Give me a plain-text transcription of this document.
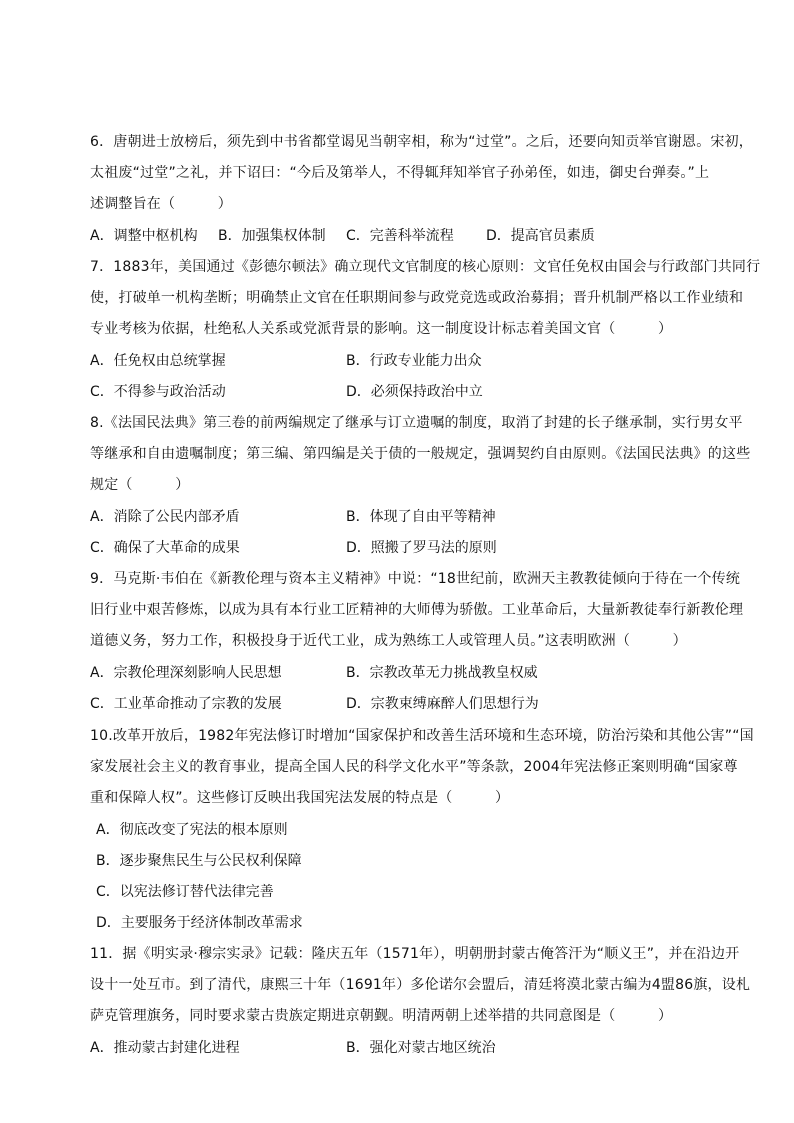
6．唐朝进士放榜后，须先到中书省都堂谒见当朝宰相，称为“过堂”。之后，还要向知贡举官谢恩。宋初，
太祖废“过堂”之礼，并下诏曰：“今后及第举人，不得辄拜知举官子孙弟侄，如违，御史台弹奏。”上
述调整旨在（　　　）
A．调整中枢机构 B．加强集权体制 C．完善科举流程 D．提高官员素质
7．1883年，美国通过《彭德尔顿法》确立现代文官制度的核心原则：文官任免权由国会与行政部门共同行
使，打破单一机构垄断；明确禁止文官在任职期间参与政党竞选或政治募捐；晋升机制严格以工作业绩和
专业考核为依据，杜绝私人关系或党派背景的影响。这一制度设计标志着美国文官（　　　）
A．任免权由总统掌握	B．行政专业能力出众
C．不得参与政治活动	D．必须保持政治中立
8.《法国民法典》第三卷的前两编规定了继承与订立遗嘱的制度，取消了封建的长子继承制，实行男女平
等继承和自由遗嘱制度；第三编、第四编是关于债的一般规定，强调契约自由原则。《法国民法典》的这些
规定（　　　）
A．消除了公民内部矛盾	B．体现了自由平等精神
C．确保了大革命的成果	D．照搬了罗马法的原则
9．马克斯·韦伯在《新教伦理与资本主义精神》中说：“18世纪前，欧洲天主教教徒倾向于待在一个传统
旧行业中艰苦修炼，以成为具有本行业工匠精神的大师傅为骄傲。工业革命后，大量新教徒奉行新教伦理
道德义务，努力工作，积极投身于近代工业，成为熟练工人或管理人员。”这表明欧洲（　　　）
A．宗教伦理深刻影响人民思想	B．宗教改革无力挑战教皇权威
C．工业革命推动了宗教的发展	D．宗教束缚麻醉人们思想行为
10.改革开放后，1982年宪法修订时增加“国家保护和改善生活环境和生态环境，防治污染和其他公害”“国
家发展社会主义的教育事业，提高全国人民的科学文化水平”等条款，2004年宪法修正案则明确“国家尊
重和保障人权”。这些修订反映出我国宪法发展的特点是（　　　）
A．彻底改变了宪法的根本原则
B．逐步聚焦民生与公民权利保障
C．以宪法修订替代法律完善
D．主要服务于经济体制改革需求
11．据《明实录·穆宗实录》记载：隆庆五年（1571年），明朝册封蒙古俺答汗为“顺义王”，并在沿边开
设十一处互市。到了清代，康熙三十年（1691年）多伦诺尔会盟后，清廷将漠北蒙古编为4盟86旗，设札
萨克管理旗务，同时要求蒙古贵族定期进京朝觐。明清两朝上述举措的共同意图是（　　　）
A．推动蒙古封建化进程	B．强化对蒙古地区统治
